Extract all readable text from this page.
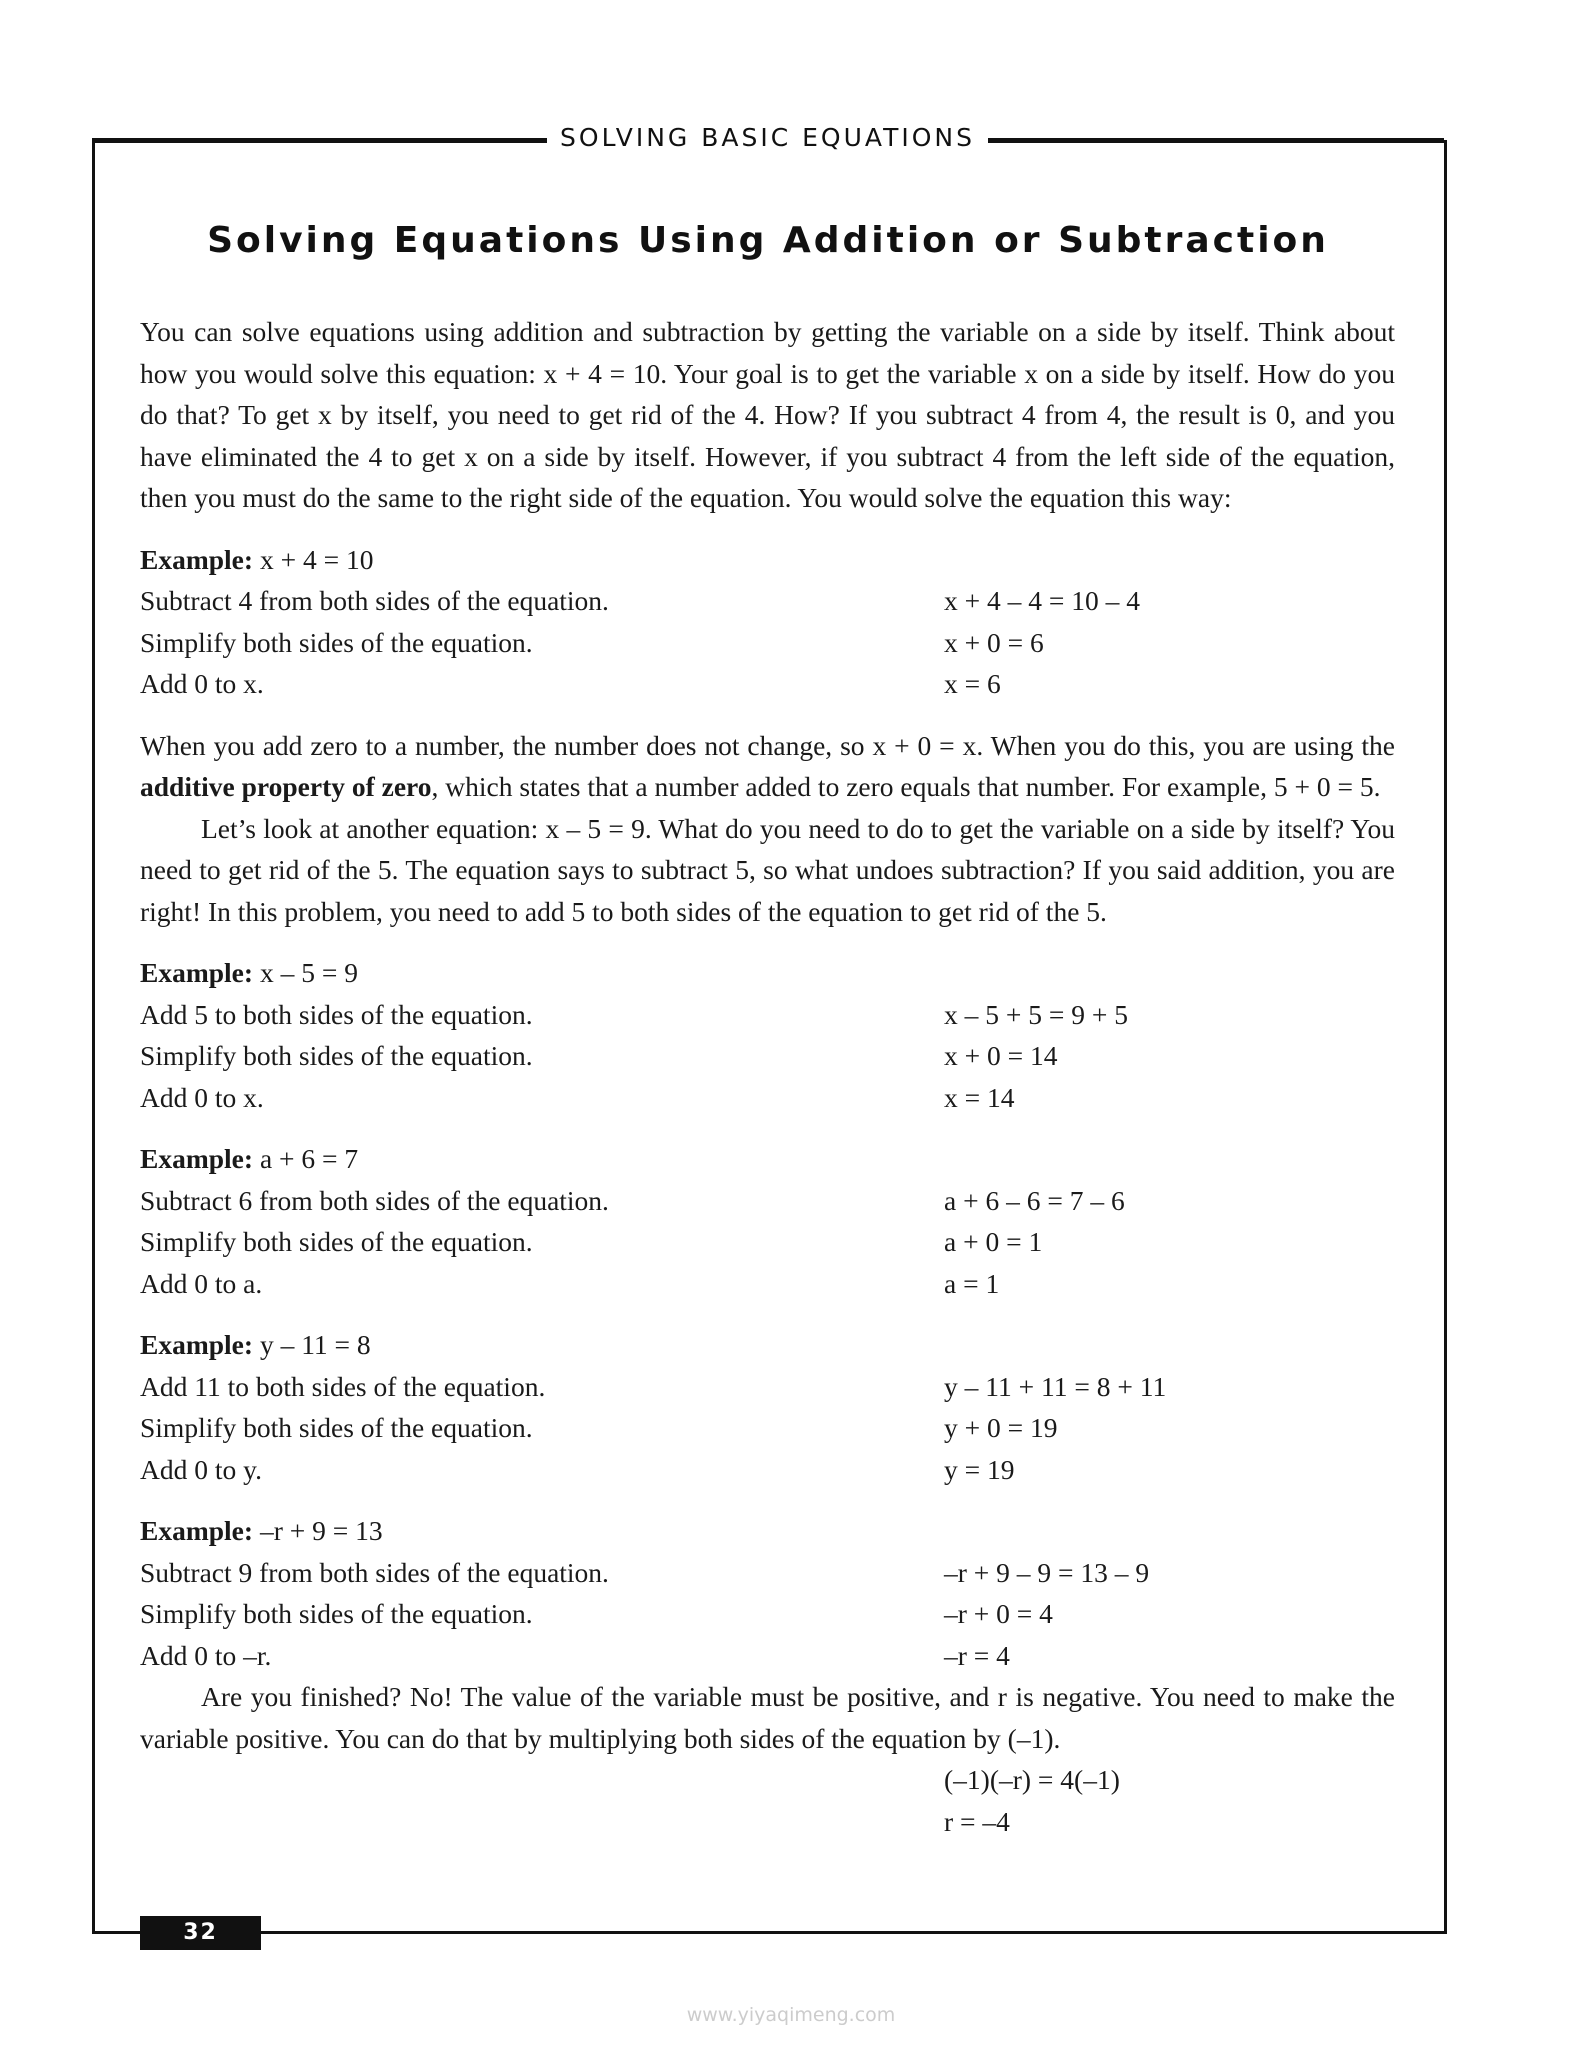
SOLVING BASIC EQUATIONS
Solving Equations Using Addition or Subtraction

You can solve equations using addition and subtraction by getting the variable on a side by itself. Think about how you would solve this equation: x + 4 = 10. Your goal is to get the variable x on a side by itself. How do you do that? To get x by itself, you need to get rid of the 4. How? If you subtract 4 from 4, the result is 0, and you have eliminated the 4 to get x on a side by itself. However, if you subtract 4 from the left side of the equation, then you must do the same to the right side of the equation. You would solve the equation this way:

Example: x + 4 = 10
Subtract 4 from both sides of the equation.	x + 4 – 4 = 10 – 4
Simplify both sides of the equation.	x + 0 = 6
Add 0 to x.	x = 6

When you add zero to a number, the number does not change, so x + 0 = x. When you do this, you are using the additive property of zero, which states that a number added to zero equals that number. For example, 5 + 0 = 5.

Let’s look at another equation: x – 5 = 9. What do you need to do to get the variable on a side by itself? You need to get rid of the 5. The equation says to subtract 5, so what undoes subtraction? If you said addition, you are right! In this problem, you need to add 5 to both sides of the equation to get rid of the 5.

Example: x – 5 = 9
Add 5 to both sides of the equation.	x – 5 + 5 = 9 + 5
Simplify both sides of the equation.	x + 0 = 14
Add 0 to x.	x = 14
Example: a + 6 = 7
Subtract 6 from both sides of the equation.	a + 6 – 6 = 7 – 6
Simplify both sides of the equation.	a + 0 = 1
Add 0 to a.	a = 1
Example: y – 11 = 8
Add 11 to both sides of the equation.	y – 11 + 11 = 8 + 11
Simplify both sides of the equation.	y + 0 = 19
Add 0 to y.	y = 19
Example: –r + 9 = 13
Subtract 9 from both sides of the equation.	–r + 9 – 9 = 13 – 9
Simplify both sides of the equation.	–r + 0 = 4
Add 0 to –r.	–r = 4

Are you finished? No! The value of the variable must be positive, and r is negative. You need to make the variable positive. You can do that by multiplying both sides of the equation by (–1).

(–1)(–r) = 4(–1)
r = –4
32
www.yiyaqimeng.com
